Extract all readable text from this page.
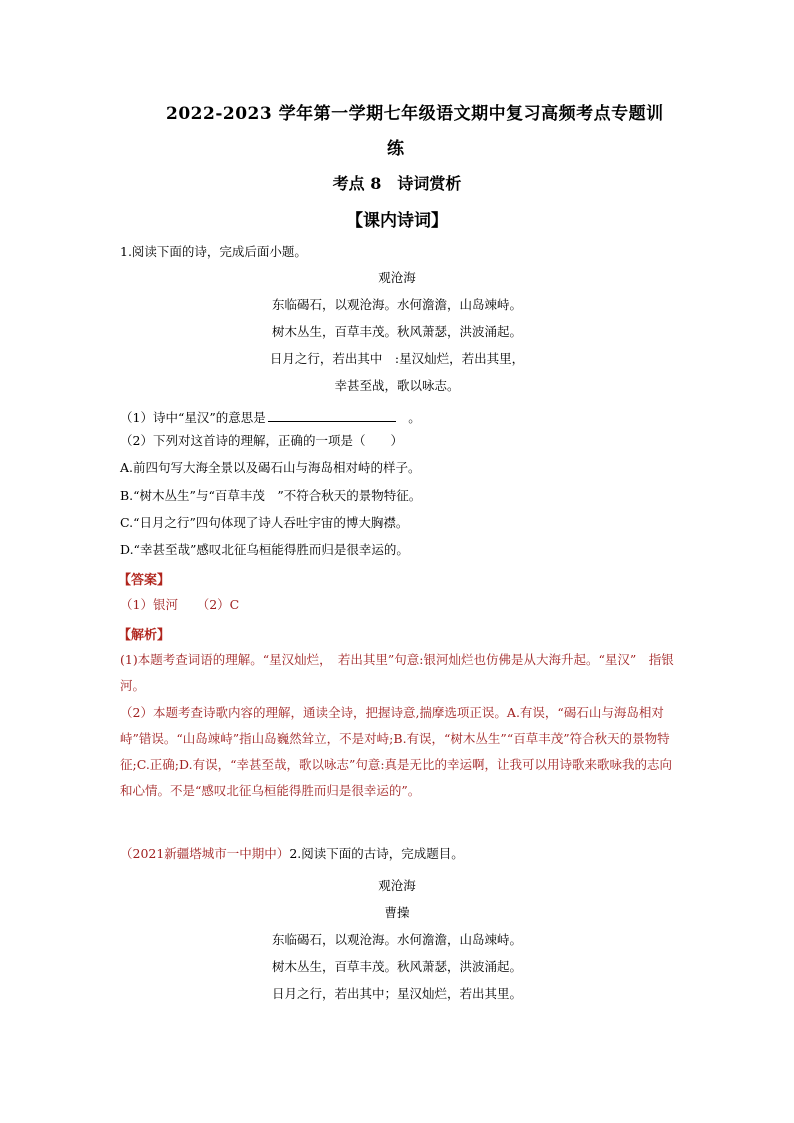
2022-2023 学年第一学期七年级语文期中复习高频考点专题训
练
考点 8　诗词赏析
【课内诗词】
1.阅读下面的诗，完成后面小题。
观沧海
东临碣石，以观沧海。水何澹澹，山岛竦峙。
树木丛生，百草丰茂。秋风萧瑟，洪波涌起。
日月之行，若出其中　:星汉灿烂，若出其里，
幸甚至战，歌以咏志。
（1）诗中“星汉”的意思是	　。
（2）下列对这首诗的理解，正确的一项是（　　）
A.前四句写大海全景以及碣石山与海岛相对峙的样子。
B.“树木丛生”与“百草丰茂　”不符合秋天的景物特征。
C.“日月之行”四句体现了诗人吞吐宇宙的博大胸襟。
D.“幸甚至哉”感叹北征乌桓能得胜而归是很幸运的。
【答案】
（1）银河　　（2）C
【解析】
(1)本题考查词语的理解。“星汉灿烂，　若出其里”句意:银河灿烂也仿佛是从大海升起。“星汉”　指银河。
（2）本题考查诗歌内容的理解，通读全诗，把握诗意,揣摩选项正误。A.有误，“碣石山与海岛相对峙”错误。“山岛竦峙”指山岛巍然耸立，不是对峙;B.有误，“树木丛生”“百草丰茂”符合秋天的景物特征;C.正确;D.有误，“幸甚至哉，歌以咏志”句意:真是无比的幸运啊，让我可以用诗歌来歌咏我的志向和心情。不是“感叹北征乌桓能得胜而归是很幸运的”。
（2021新疆塔城市一中期中）2.阅读下面的古诗，完成题目。
观沧海
曹操
东临碣石，以观沧海。水何澹澹，山岛竦峙。
树木丛生，百草丰茂。秋风萧瑟，洪波涌起。
日月之行，若出其中；星汉灿烂，若出其里。
